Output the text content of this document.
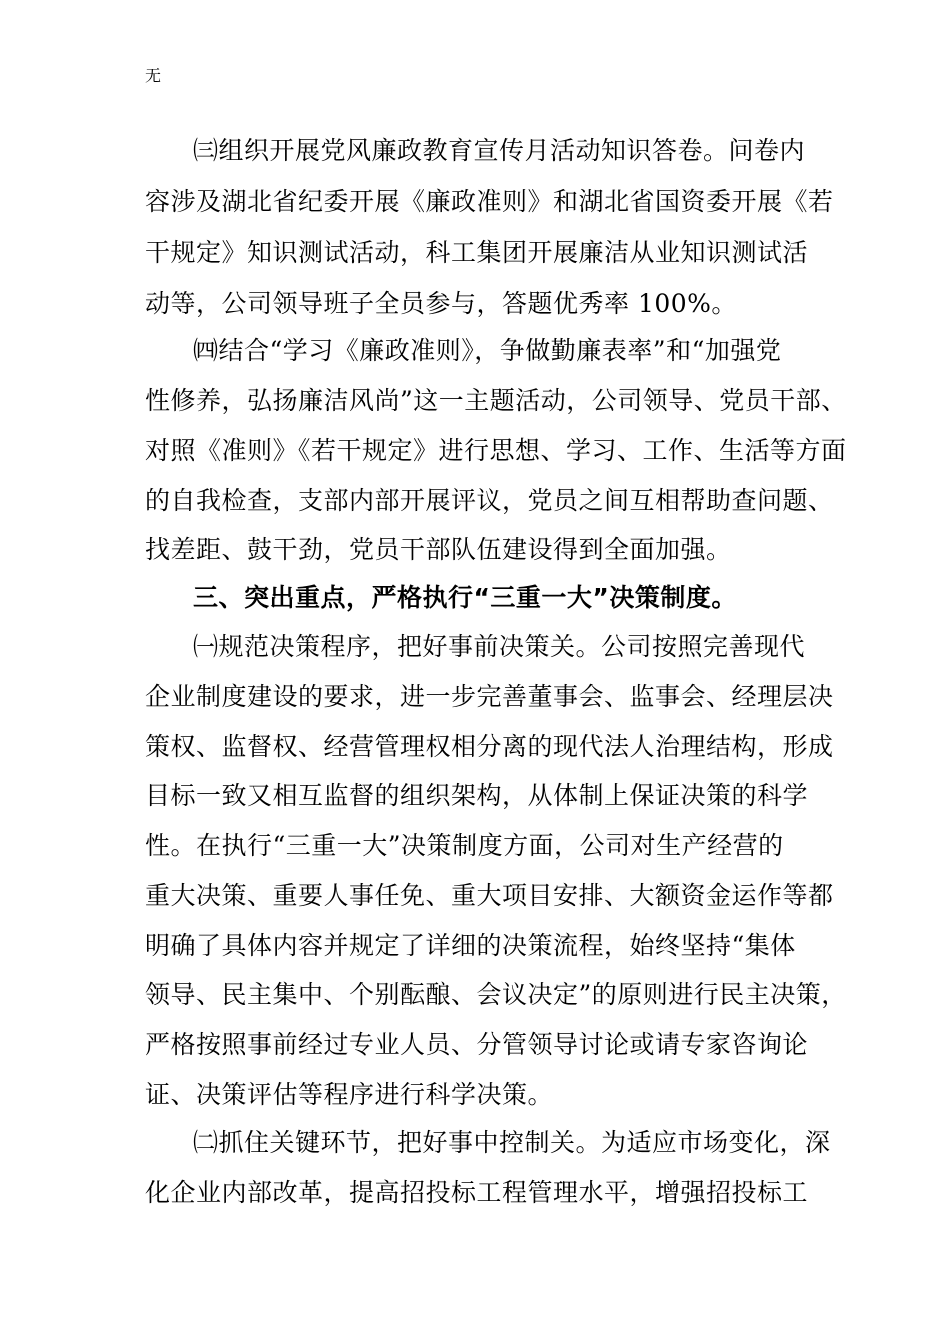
无
㈢组织开展党风廉政教育宣传月活动知识答卷。问卷内
容涉及湖北省纪委开展《廉政准则》和湖北省国资委开展《若
干规定》知识测试活动，科工集团开展廉洁从业知识测试活
动等，公司领导班子全员参与，答题优秀率 100%。
㈣结合“学习《廉政准则》，争做勤廉表率”和“加强党
性修养，弘扬廉洁风尚”这一主题活动，公司领导、党员干部、
对照《准则》《若干规定》进行思想、学习、工作、生活等方面
的自我检查，支部内部开展评议，党员之间互相帮助查问题、
找差距、鼓干劲，党员干部队伍建设得到全面加强。
三、突出重点，严格执行“三重一大”决策制度。
㈠规范决策程序，把好事前决策关。公司按照完善现代
企业制度建设的要求，进一步完善董事会、监事会、经理层决
策权、监督权、经营管理权相分离的现代法人治理结构，形成
目标一致又相互监督的组织架构，从体制上保证决策的科学
性。在执行“三重一大”决策制度方面，公司对生产经营的
重大决策、重要人事任免、重大项目安排、大额资金运作等都
明确了具体内容并规定了详细的决策流程，始终坚持“集体
领导、民主集中、个别酝酿、会议决定”的原则进行民主决策，
严格按照事前经过专业人员、分管领导讨论或请专家咨询论
证、决策评估等程序进行科学决策。
㈡抓住关键环节，把好事中控制关。为适应市场变化，深
化企业内部改革，提高招投标工程管理水平，增强招投标工
